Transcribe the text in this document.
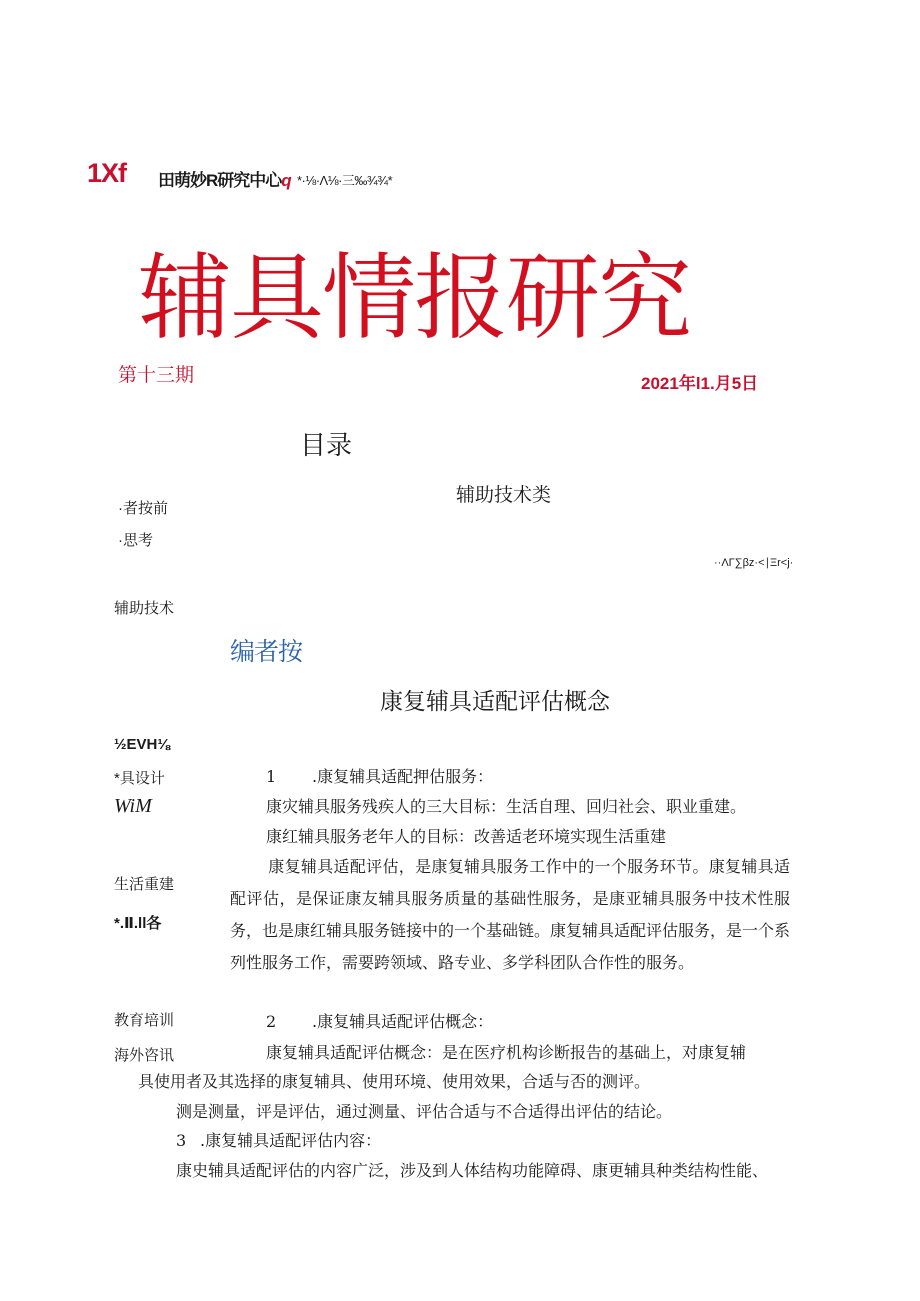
1Xf 田萌妙R研究中心q *·⅛·Λ⅛·三‰¾¾*
辅具情报研究
第十三期	2021年l1.月5日
目录
辅助技术类
·者按前
·思考
··ΛΓ∑βz·<∣Ξr<j·
辅助技术
½EVH⅛
*具设计
WiM
生活重建
*.Ⅱ.ll各
教育培训
海外咨讯
编者按
康复辅具适配评估概念
1 .康复辅具适配押估服务：
康灾辅具服务残疾人的三大目标：生活自理、回归社会、职业重建。
康红辅具服务老年人的目标：改善适老环境实现生活重建
康复辅具适配评估，是康复辅具服务工作中的一个服务环节。康复辅具适配评估，是保证康友辅具服务质量的基础性服务，是康亚辅具服务中技术性服务，也是康红辅具服务链接中的一个基础链。康复辅具适配评估服务，是一个系列性服务工作，需要跨领域、路专业、多学科团队合作性的服务。
2 .康复辅具适配评估概念：
康复辅具适配评估概念：是在医疗机构诊断报告的基础上，对康复辅
具使用者及其选择的康复辅具、使用环境、使用效果，合适与否的测评。
测是测量，评是评估，通过测量、评估合适与不合适得出评估的结论。
3 .康复辅具适配评估内容：
康史辅具适配评估的内容广泛，涉及到人体结构功能障碍、康更辅具种类结构性能、
